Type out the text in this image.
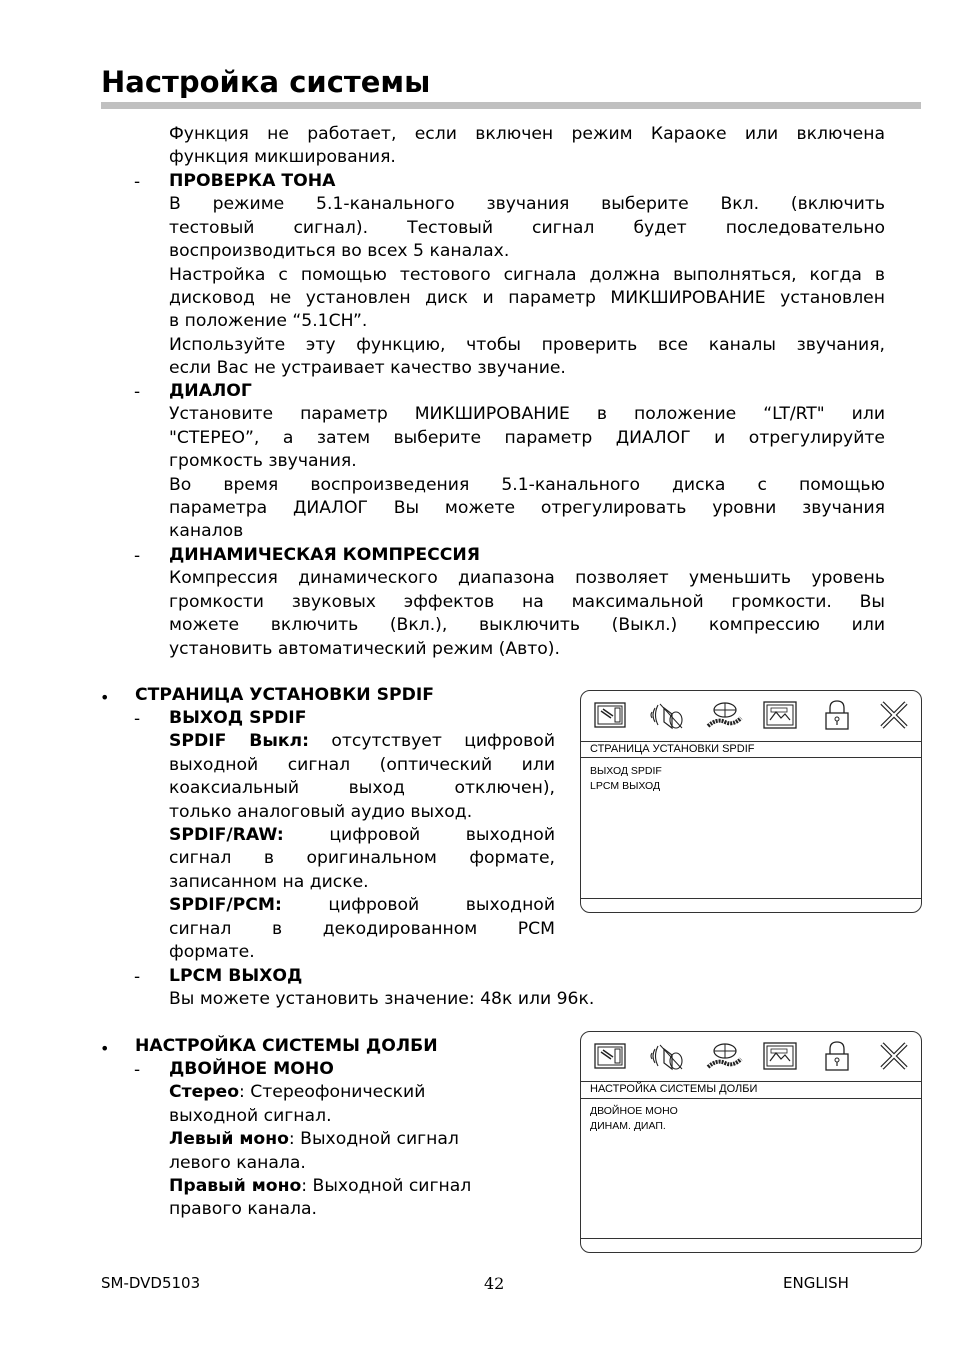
Настройка системы
Функция не работает, если включен режим Караоке или включена
функция микширования.
- ПРОВЕРКА ТОНА
В режиме 5.1-канального звучания выберите Вкл. (включить
тестовый сигнал). Тестовый сигнал будет последовательно
воспроизводиться во всех 5 каналах.
Настройка с помощью тестового сигнала должна выполняться, когда в
дисковод не установлен диск и параметр МИКШИРОВАНИЕ установлен
в положение “5.1CH”.
Используйте эту функцию, чтобы проверить все каналы звучания,
если Вас не устраивает качество звучание.
- ДИАЛОГ
Установите параметр МИКШИРОВАНИЕ в положение “LT/RT" или
"СТЕРЕО”, а затем выберите параметр ДИАЛОГ и отрегулируйте
громкость звучания.
Во время воспроизведения 5.1-канального диска с помощью
параметра ДИАЛОГ Вы можете отрегулировать уровни звучания
каналов
- ДИНАМИЧЕСКАЯ КОМПРЕССИЯ
Компрессия динамического диапазона позволяет уменьшить уровень
громкости звуковых эффектов на максимальной громкости. Вы
можете включить (Вкл.), выключить (Выкл.) компрессию или
установить автоматический режим (Авто).
• СТРАНИЦА УСТАНОВКИ SPDIF
- ВЫХОД SPDIF
SPDIF Выкл: отсутствует цифровой
выходной сигнал (оптический или
коаксиальный выход отключен),
только аналоговый аудио выход.
SPDIF/RAW: цифровой выходной
сигнал в оригинальном формате,
записанном на диске.
SPDIF/PCM: цифровой выходной
сигнал в декодированном PCM
формате.
- LPCM ВЫХОД
Вы можете установить значение: 48к или 96к.
• НАСТРОЙКА СИСТЕМЫ ДОЛБИ
- ДВОЙНОЕ МОНО
Стерео: Стереофонический
выходной сигнал.
Левый моно: Выходной сигнал
левого канала.
Правый моно: Выходной сигнал
правого канала.
СТРАНИЦА УСТАНОВКИ SPDIF
ВЫХОД SPDIF
LPCM ВЫХОД
НАСТРОЙКА СИСТЕМЫ ДОЛБИ
ДВОЙНОЕ МОНО
ДИНАМ. ДИАП.
SM-DVD5103	42	ENGLISH
